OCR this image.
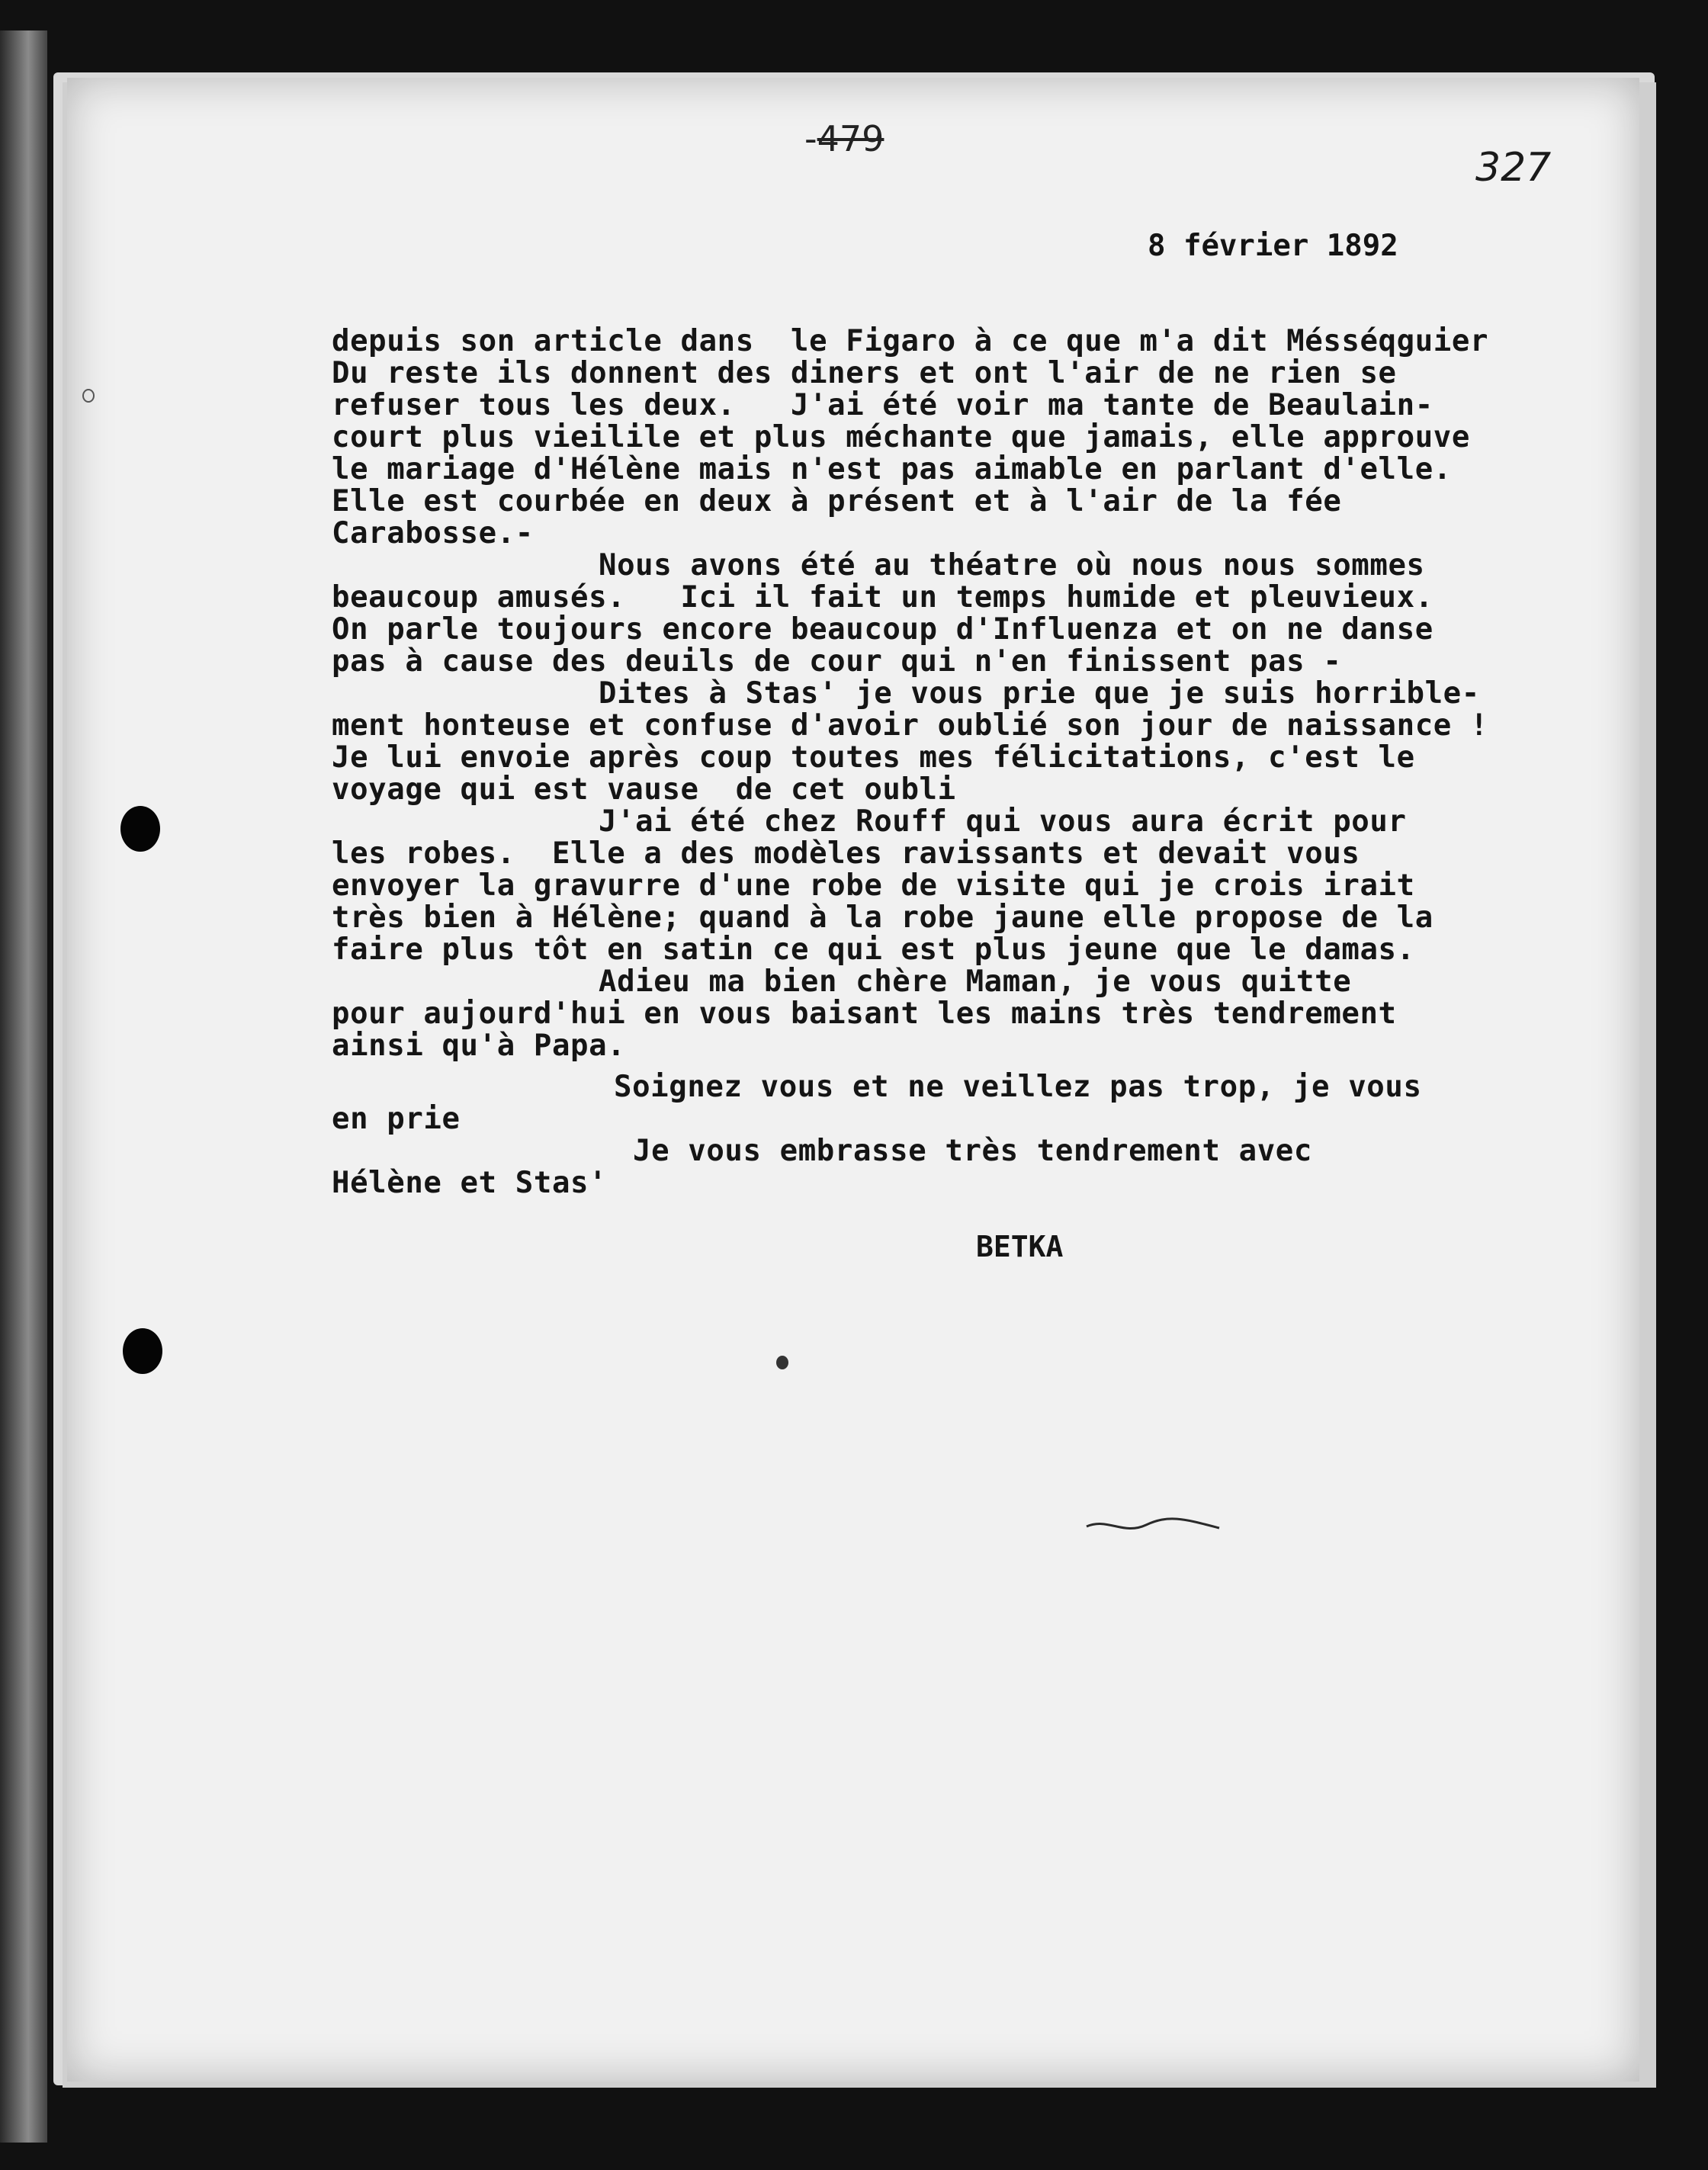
-479
327
8 février 1892
depuis son article dans  le Figaro à ce que m'a dit Mésséqguier
Du reste ils donnent des diners et ont l'air de ne rien se
refuser tous les deux.   J'ai été voir ma tante de Beaulain-
court plus vieilile et plus méchante que jamais, elle approuve
le mariage d'Hélène mais n'est pas aimable en parlant d'elle.
Elle est courbée en deux à présent et à l'air de la fée
Carabosse.-
Nous avons été au théatre où nous nous sommes
beaucoup amusés.   Ici il fait un temps humide et pleuvieux.
On parle toujours encore beaucoup d'Influenza et on ne danse
pas à cause des deuils de cour qui n'en finissent pas -
Dites à Stas' je vous prie que je suis horrible-
ment honteuse et confuse d'avoir oublié son jour de naissance !
Je lui envoie après coup toutes mes félicitations, c'est le
voyage qui est vause  de cet oubli
J'ai été chez Rouff qui vous aura écrit pour
les robes.  Elle a des modèles ravissants et devait vous
envoyer la gravurre d'une robe de visite qui je crois irait
très bien à Hélène; quand à la robe jaune elle propose de la
faire plus tôt en satin ce qui est plus jeune que le damas.
Adieu ma bien chère Maman, je vous quitte
pour aujourd'hui en vous baisant les mains très tendrement
ainsi qu'à Papa.
Soignez vous et ne veillez pas trop, je vous
en prie
Je vous embrasse très tendrement avec
Hélène et Stas'
BETKA
